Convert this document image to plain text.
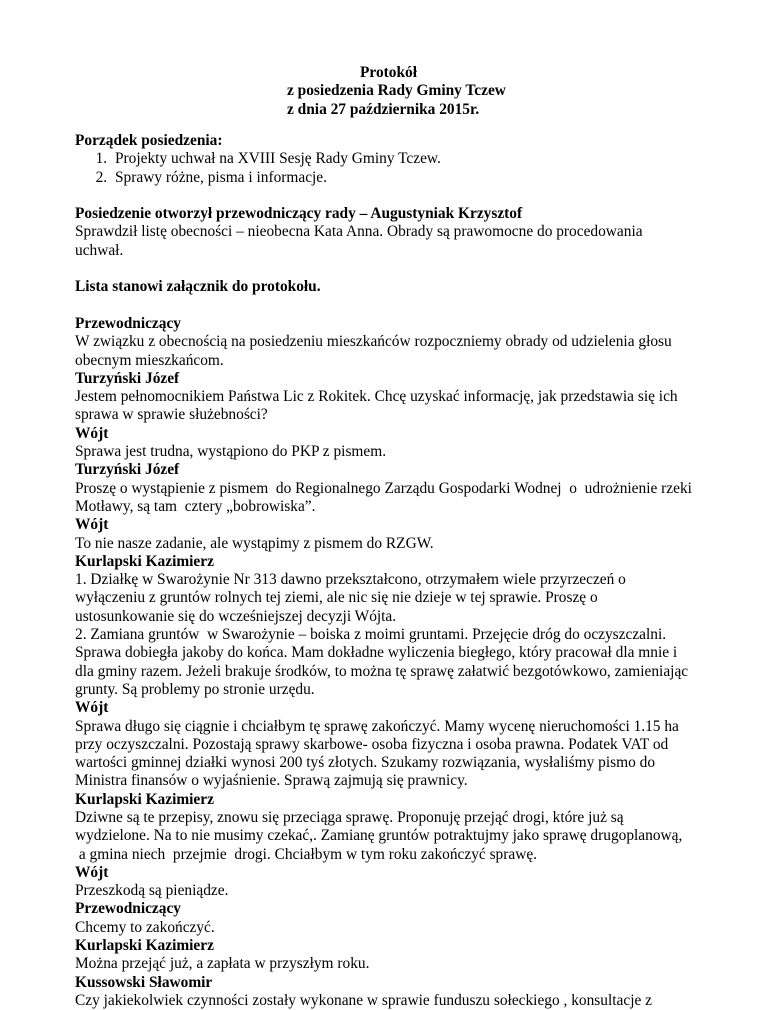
Protokół
z posiedzenia Rady Gminy Tczew
z dnia 27 października 2015r.

Porządek posiedzenia:

1. Projekty uchwał na XVIII Sesję Rady Gminy Tczew.
2. Sprawy różne, pisma i informacje.

Posiedzenie otworzył przewodniczący rady – Augustyniak Krzysztof

Sprawdził listę obecności – nieobecna Kata Anna. Obrady są prawomocne do procedowania

uchwał.

Lista stanowi załącznik do protokołu.

Przewodniczący

W związku z obecnością na posiedzeniu mieszkańców rozpoczniemy obrady od udzielenia głosu

obecnym mieszkańcom.

Turzyński Józef

Jestem pełnomocnikiem Państwa Lic z Rokitek. Chcę uzyskać informację, jak przedstawia się ich

sprawa w sprawie służebności?

Wójt

Sprawa jest trudna, wystąpiono do PKP z pismem.

Turzyński Józef

Proszę o wystąpienie z pismem  do Regionalnego Zarządu Gospodarki Wodnej  o  udrożnienie rzeki

Motławy, są tam  cztery „bobrowiska”.

Wójt

To nie nasze zadanie, ale wystąpimy z pismem do RZGW.

Kurlapski Kazimierz

1. Działkę w Swarożynie Nr 313 dawno przekształcono, otrzymałem wiele przyrzeczeń o

wyłączeniu z gruntów rolnych tej ziemi, ale nic się nie dzieje w tej sprawie. Proszę o

ustosunkowanie się do wcześniejszej decyzji Wójta.

2. Zamiana gruntów  w Swarożynie – boiska z moimi gruntami. Przejęcie dróg do oczyszczalni.

Sprawa dobiegła jakoby do końca. Mam dokładne wyliczenia biegłego, który pracował dla mnie i

dla gminy razem. Jeżeli brakuje środków, to można tę sprawę załatwić bezgotówkowo, zamieniając

grunty. Są problemy po stronie urzędu.

Wójt

Sprawa długo się ciągnie i chciałbym tę sprawę zakończyć. Mamy wycenę nieruchomości 1.15 ha

przy oczyszczalni. Pozostają sprawy skarbowe- osoba fizyczna i osoba prawna. Podatek VAT od

wartości gminnej działki wynosi 200 tyś złotych. Szukamy rozwiązania, wysłaliśmy pismo do

Ministra finansów o wyjaśnienie. Sprawą zajmują się prawnicy.

Kurlapski Kazimierz

Dziwne są te przepisy, znowu się przeciąga sprawę. Proponuję przejąć drogi, które już są

wydzielone. Na to nie musimy czekać,. Zamianę gruntów potraktujmy jako sprawę drugoplanową,

a gmina niech  przejmie  drogi. Chciałbym w tym roku zakończyć sprawę.

Wójt

Przeszkodą są pieniądze.

Przewodniczący

Chcemy to zakończyć.

Kurlapski Kazimierz

Można przejąć już, a zapłata w przyszłym roku.

Kussowski Sławomir

Czy jakiekolwiek czynności zostały wykonane w sprawie funduszu sołeckiego , konsultacje z
